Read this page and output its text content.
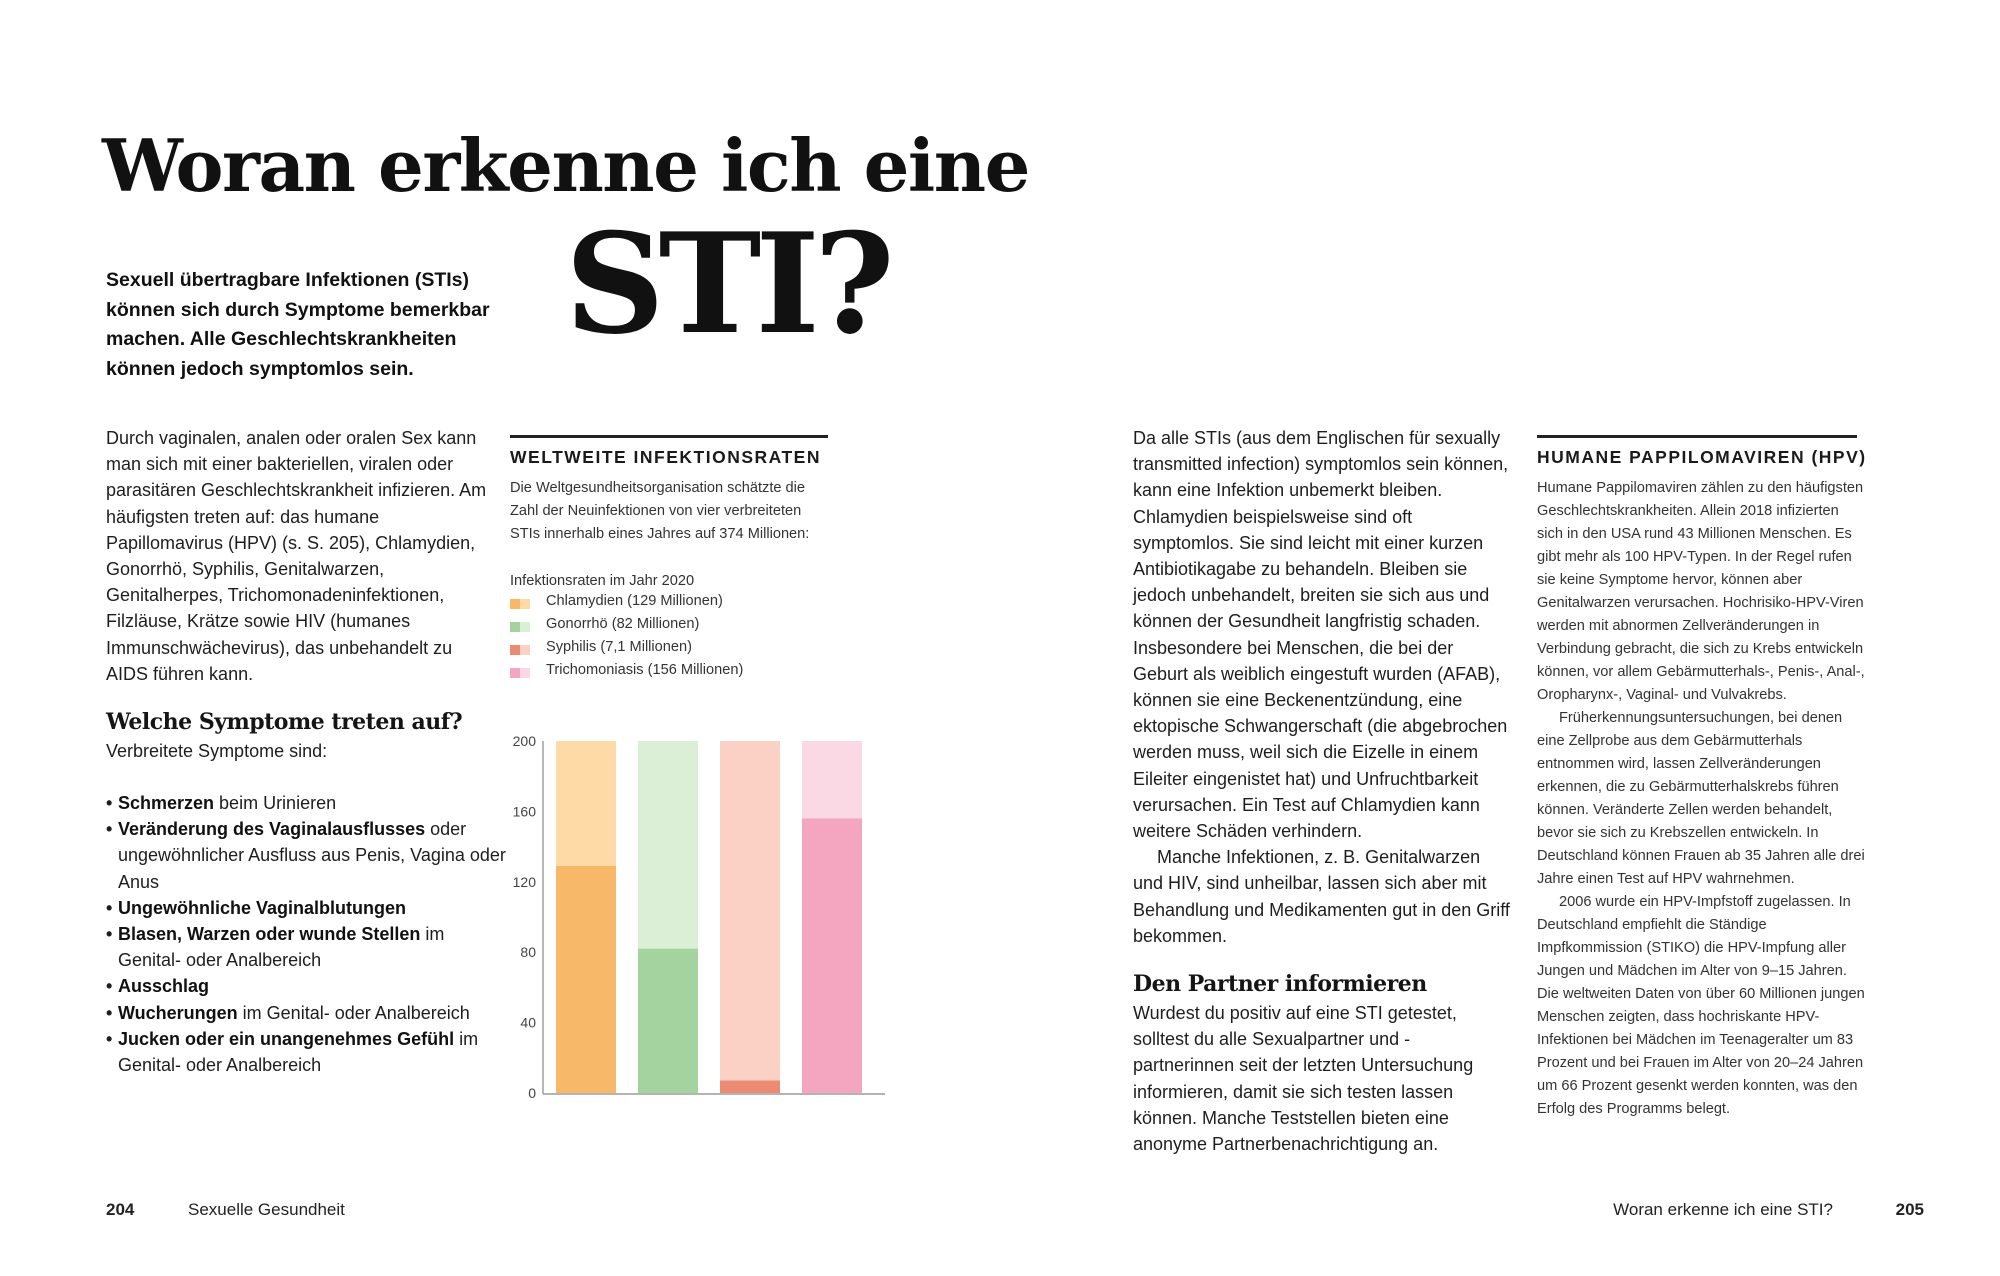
Woran erkenne ich eine
STI?
Sexuell übertragbare Infektionen (STIs) können sich durch Symptome bemerkbar machen. Alle Geschlechtskrankheiten können jedoch symptomlos sein.
Durch vaginalen, analen oder oralen Sex kann man sich mit einer bakteriellen, viralen oder parasitären Geschlechtskrankheit infizieren. Am häufigsten treten auf: das humane Papillomavirus (HPV) (s. S. 205), Chlamydien, Gonorrhö, Syphilis, Genitalwarzen, Genitalherpes, Trichomonadeninfektionen, Filzläuse, Krätze sowie HIV (humanes Immunschwächevirus), das unbehandelt zu AIDS führen kann.
Welche Symptome treten auf?
Verbreitete Symptome sind:
• Schmerzen beim Urinieren
• Veränderung des Vaginalausflusses oder ungewöhnlicher Ausfluss aus Penis, Vagina oder Anus
• Ungewöhnliche Vaginalblutungen
• Blasen, Warzen oder wunde Stellen im Genital- oder Analbereich
• Ausschlag
• Wucherungen im Genital- oder Analbereich
• Jucken oder ein unangenehmes Gefühl im Genital- oder Analbereich
WELTWEITE INFEKTIONSRATEN
Die Weltgesundheitsorganisation schätzte die Zahl der Neuinfektionen von vier verbreiteten STIs innerhalb eines Jahres auf 374 Millionen:
Infektionsraten im Jahr 2020
Chlamydien (129 Millionen)
Gonorrhö (82 Millionen)
Syphilis (7,1 Millionen)
Trichomoniasis (156 Millionen)
0
40
80
120
160
200

Da alle STIs (aus dem Englischen für sexually transmitted infection) symptomlos sein können, kann eine Infektion unbemerkt bleiben. Chlamydien beispielsweise sind oft symptomlos. Sie sind leicht mit einer kurzen Antibiotikagabe zu behandeln. Bleiben sie jedoch unbehandelt, breiten sie sich aus und können der Gesundheit langfristig schaden. Insbesondere bei Menschen, die bei der Geburt als weiblich eingestuft wurden (AFAB), können sie eine Beckenentzündung, eine ektopische Schwangerschaft (die abgebrochen werden muss, weil sich die Eizelle in einem Eileiter eingenistet hat) und Unfruchtbarkeit verursachen. Ein Test auf Chlamydien kann weitere Schäden verhindern.

Manche Infektionen, z. B. Genitalwarzen und HIV, sind unheilbar, lassen sich aber mit Behandlung und Medikamenten gut in den Griff bekommen.

Den Partner informieren
Wurdest du positiv auf eine STI getestet, solltest du alle Sexualpartner und -partnerinnen seit der letzten Untersuchung informieren, damit sie sich testen lassen können. Manche Teststellen bieten eine anonyme Partnerbenachrichtigung an.
HUMANE PAPPILOMAVIREN (HPV)

Humane Pappilomaviren zählen zu den häufigsten Geschlechtskrankheiten. Allein 2018 infizierten sich in den USA rund 43 Millionen Menschen. Es gibt mehr als 100 HPV-Typen. In der Regel rufen sie keine Symptome hervor, können aber Genitalwarzen verursachen. Hochrisiko-HPV-Viren werden mit abnormen Zellveränderungen in Verbindung gebracht, die sich zu Krebs entwickeln können, vor allem Gebärmutterhals-, Penis-, Anal-, Oropharynx-, Vaginal- und Vulvakrebs.

Früherkennungsuntersuchungen, bei denen eine Zellprobe aus dem Gebärmutterhals entnommen wird, lassen Zellveränderungen erkennen, die zu Gebärmutterhalskrebs führen können. Veränderte Zellen werden behandelt, bevor sie sich zu Krebszellen entwickeln. In Deutschland können Frauen ab 35 Jahren alle drei Jahre einen Test auf HPV wahrnehmen.

2006 wurde ein HPV-Impfstoff zugelassen. In Deutschland empfiehlt die Ständige Impfkommission (STIKO) die HPV-Impfung aller Jungen und Mädchen im Alter von 9–15 Jahren. Die weltweiten Daten von über 60 Millionen jungen Menschen zeigten, dass hochriskante HPV-Infektionen bei Mädchen im Teenageralter um 83 Prozent und bei Frauen im Alter von 20–24 Jahren um 66 Prozent gesenkt werden konnten, was den Erfolg des Programms belegt.

204	Sexuelle Gesundheit	Woran erkenne ich eine STI?	205
